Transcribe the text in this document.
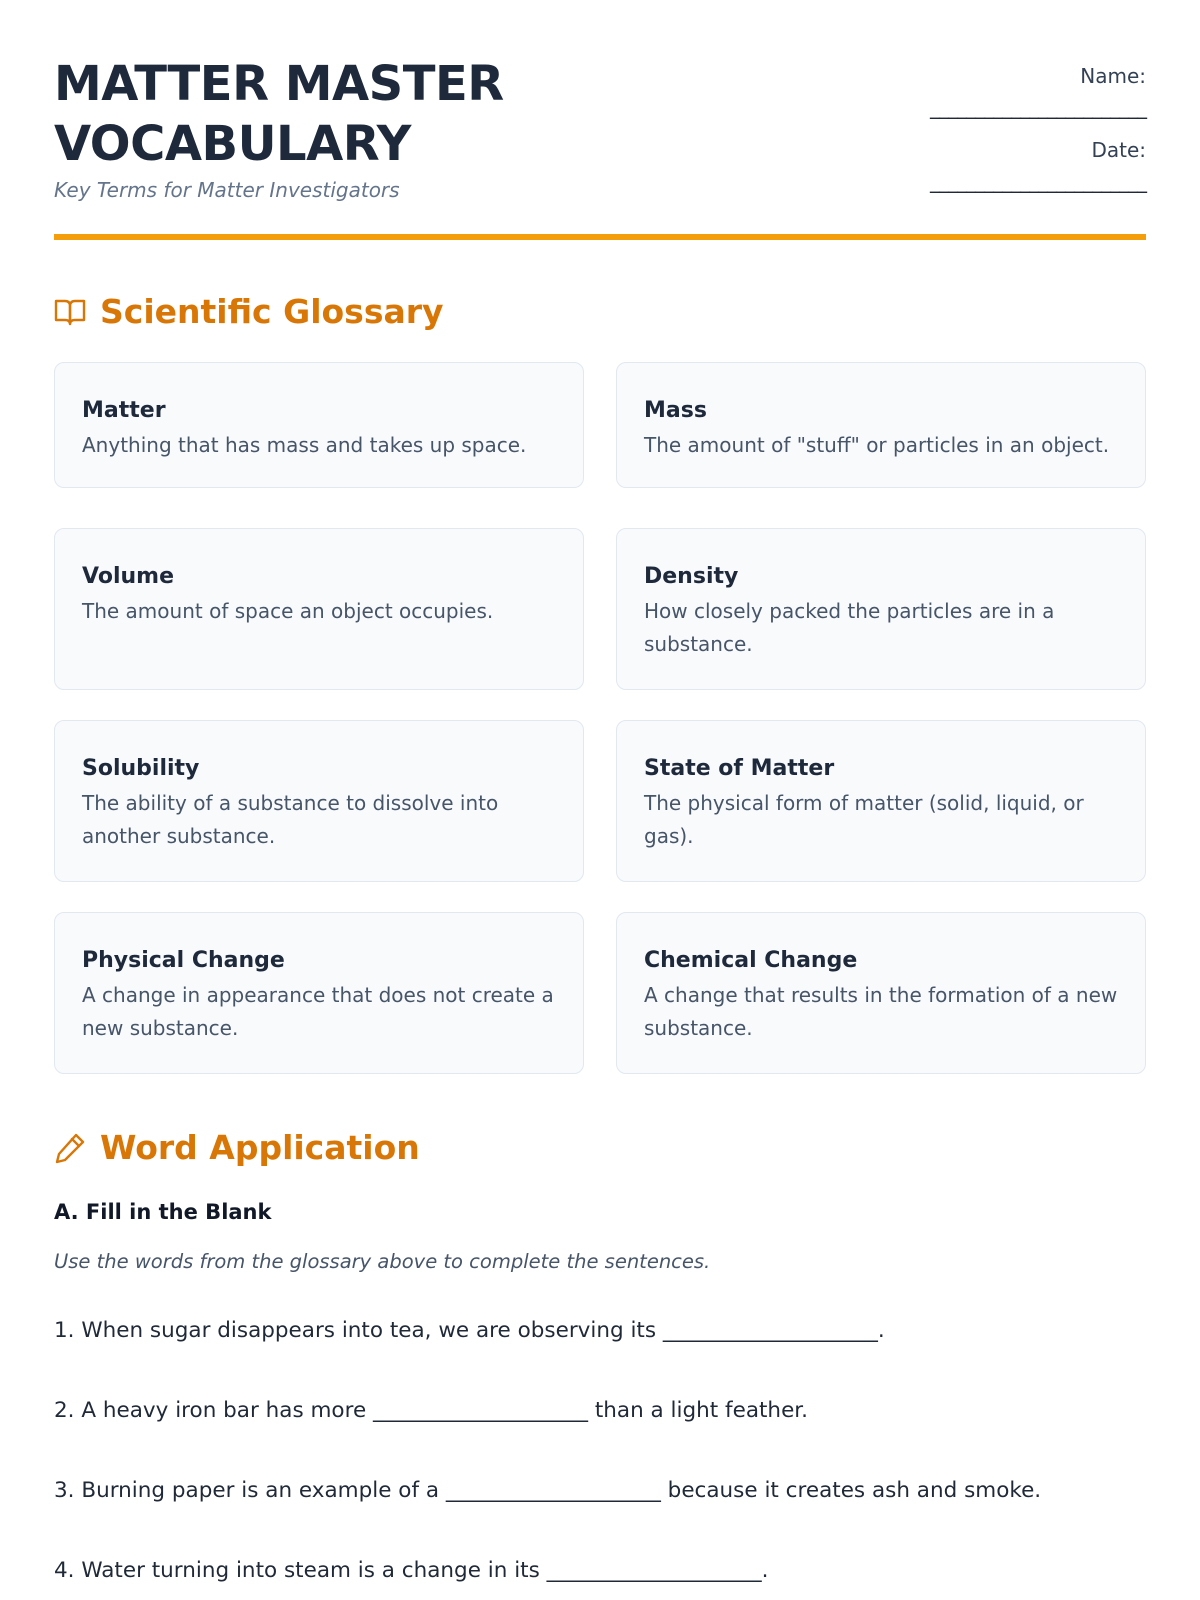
MATTER MASTER
VOCABULARY
Key Terms for Matter Investigators
Name:
________________________
Date:
________________________
Scientific Glossary
Matter
Anything that has mass and takes up space.
Mass
The amount of "stuff" or particles in an object.
Volume
The amount of space an object occupies.
Density
How closely packed the particles are in a substance.
Solubility
The ability of a substance to dissolve into another substance.
State of Matter
The physical form of matter (solid, liquid, or gas).
Physical Change
A change in appearance that does not create a new substance.
Chemical Change
A change that results in the formation of a new substance.
Word Application
A. Fill in the Blank
Use the words from the glossary above to complete the sentences.
1. When sugar disappears into tea, we are observing its ____________________.
2. A heavy iron bar has more ____________________ than a light feather.
3. Burning paper is an example of a ____________________ because it creates ash and smoke.
4. Water turning into steam is a change in its ____________________.
